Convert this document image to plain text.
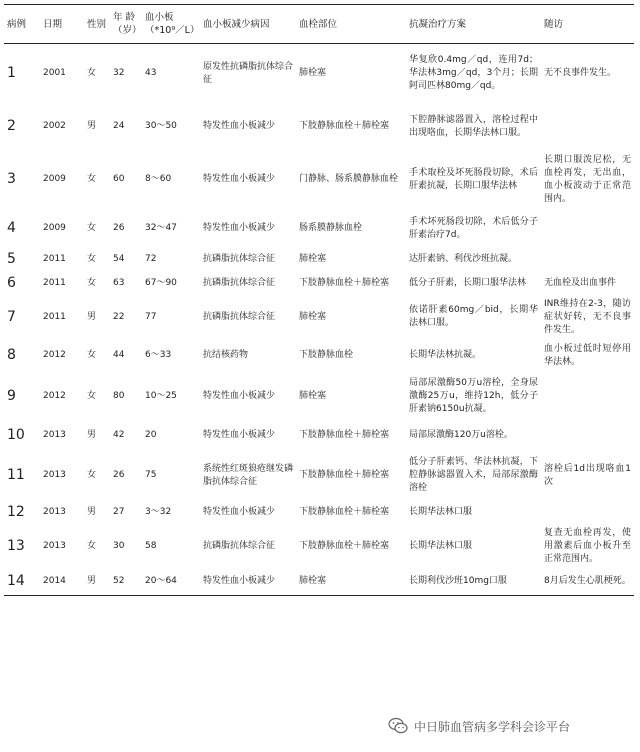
病例	日期	性别	年 龄（岁）	血小板（*10⁹／L）	血小板减少病因	血栓部位	抗凝治疗方案	随访
1	2001	女	32	43	原发性抗磷脂抗体综合征	肺栓塞	华复欣0.4mg／qd，连用7d；华法林3mg／qd，3个月；长期阿司匹林80mg／qd。	无不良事件发生。
2	2002	男	24	30～50	特发性血小板减少	下肢静脉血栓＋肺栓塞	下腔静脉滤器置入，溶栓过程中出现咯血，长期华法林口服。	
3	2009	女	60	8～60	特发性血小板减少	门静脉、肠系膜静脉血栓	手术取栓及坏死肠段切除，术后肝素抗凝，长期口服华法林	长期口服泼尼松，无血栓再发，无出血，血小板波动于正常范围内。
4	2009	女	26	32～47	特发性血小板减少	肠系膜静脉血栓	手术坏死肠段切除，术后低分子肝素治疗7d。	
5	2011	女	54	72	抗磷脂抗体综合征	肺栓塞	达肝素钠、利伐沙班抗凝。	
6	2011	女	63	67～90	抗磷脂抗体综合征	下肢静脉血栓＋肺栓塞	低分子肝素，长期口服华法林	无血栓及出血事件
7	2011	男	22	77	抗磷脂抗体综合征	肺栓塞	依诺肝素60mg／bid，长期华法林口服。	INR维持在2-3，随访症状好转，无不良事件发生。
8	2012	女	44	6～33	抗结核药物	下肢静脉血栓	长期华法林抗凝。	血小板过低时短停用华法林。
9	2012	女	80	10～25	特发性血小板减少	肺栓塞	局部尿激酶50万u溶栓，全身尿激酶25万u，维持12h，低分子肝素钠6150u抗凝。	
10	2013	男	42	20	特发性血小板减少	下肢静脉血栓＋肺栓塞	局部尿激酶120万u溶栓。	
11	2013	女	26	75	系统性红斑狼疮继发磷脂抗体综合征	下肢静脉血栓＋肺栓塞	低分子肝素钙、华法林抗凝，下腔静脉滤器置入术，局部尿激酶溶栓	溶栓后1d出现咯血1次
12	2013	男	27	3～32	特发性血小板减少	下肢静脉血栓＋肺栓塞	长期华法林口服	
13	2013	女	30	58	抗磷脂抗体综合征	下肢静脉血栓＋肺栓塞	长期华法林口服	复查无血栓再发，使用激素后血小板升至正常范围内。
14	2014	男	52	20～64	特发性血小板减少	肺栓塞	长期利伐沙班10mg口服	8月后发生心肌梗死。
中日肺血管病多学科会诊平台
